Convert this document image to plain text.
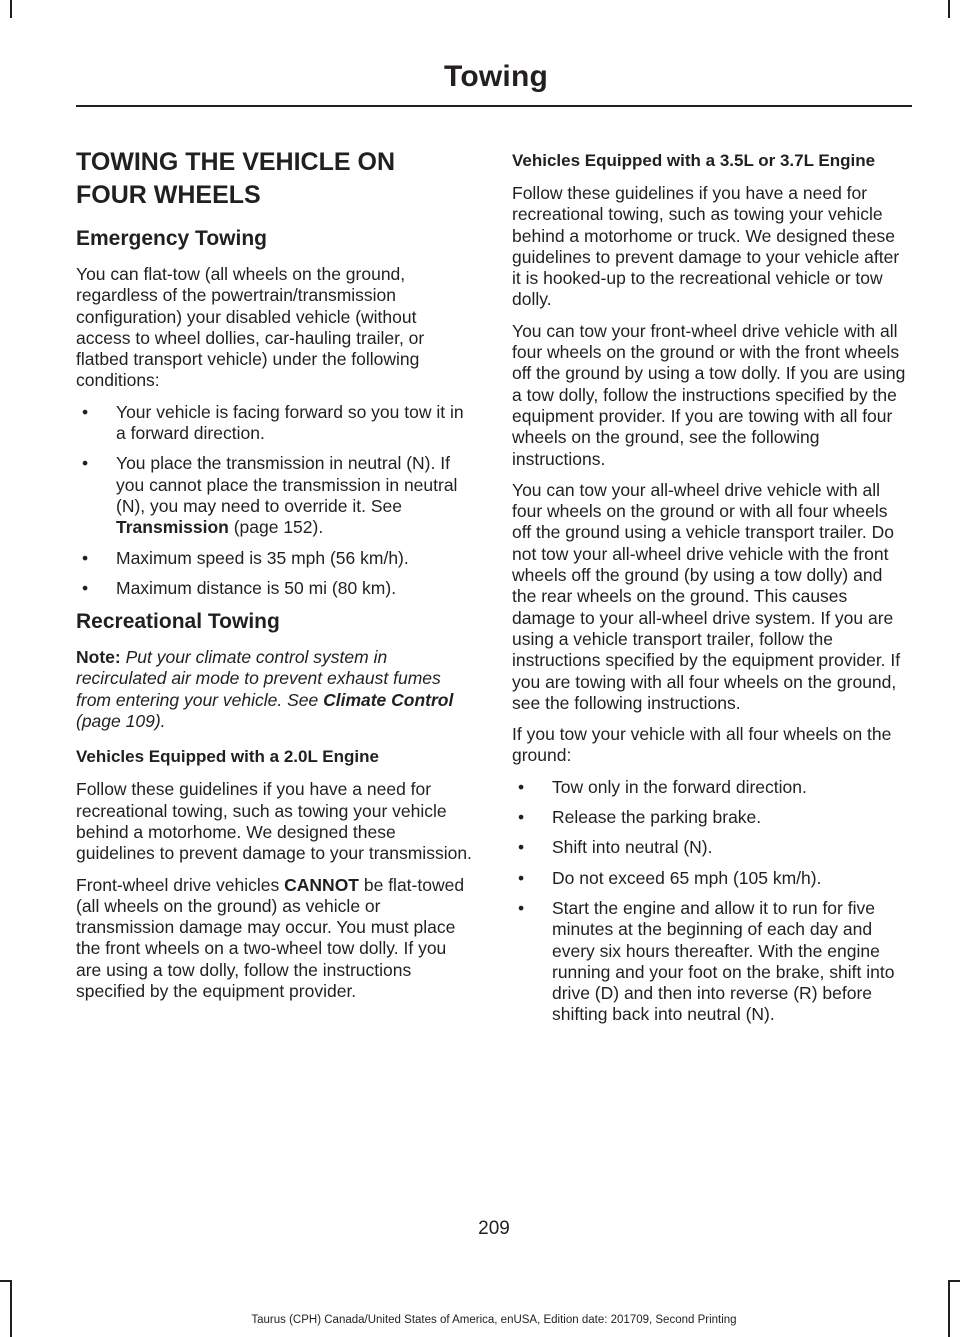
Towing
TOWING THE VEHICLE ON FOUR WHEELS
Emergency Towing

You can flat-tow (all wheels on the ground, regardless of the powertrain/transmission configuration) your disabled vehicle (without access to wheel dollies, car-hauling trailer, or flatbed transport vehicle) under the following conditions:

• Your vehicle is facing forward so you tow it in a forward direction.
• You place the transmission in neutral (N). If you cannot place the transmission in neutral (N), you may need to override it. See Transmission (page 152).
• Maximum speed is 35 mph (56 km/h).
• Maximum distance is 50 mi (80 km).
Recreational Towing

Note: Put your climate control system in recirculated air mode to prevent exhaust fumes from entering your vehicle. See Climate Control (page 109).

Vehicles Equipped with a 2.0L Engine

Follow these guidelines if you have a need for recreational towing, such as towing your vehicle behind a motorhome. We designed these guidelines to prevent damage to your transmission.

Front-wheel drive vehicles CANNOT be flat-towed (all wheels on the ground) as vehicle or transmission damage may occur. You must place the front wheels on a two-wheel tow dolly. If you are using a tow dolly, follow the instructions specified by the equipment provider.

Vehicles Equipped with a 3.5L or 3.7L Engine

Follow these guidelines if you have a need for recreational towing, such as towing your vehicle behind a motorhome or truck. We designed these guidelines to prevent damage to your vehicle after it is hooked-up to the recreational vehicle or tow dolly.

You can tow your front-wheel drive vehicle with all four wheels on the ground or with the front wheels off the ground by using a tow dolly. If you are using a tow dolly, follow the instructions specified by the equipment provider. If you are towing with all four wheels on the ground, see the following instructions.

You can tow your all-wheel drive vehicle with all four wheels on the ground or with all four wheels off the ground using a vehicle transport trailer. Do not tow your all-wheel drive vehicle with the front wheels off the ground (by using a tow dolly) and the rear wheels on the ground. This causes damage to your all-wheel drive system. If you are using a vehicle transport trailer, follow the instructions specified by the equipment provider. If you are towing with all four wheels on the ground, see the following instructions.

If you tow your vehicle with all four wheels on the ground:

• Tow only in the forward direction.
• Release the parking brake.
• Shift into neutral (N).
• Do not exceed 65 mph (105 km/h).
• Start the engine and allow it to run for five minutes at the beginning of each day and every six hours thereafter. With the engine running and your foot on the brake, shift into drive (D) and then into reverse (R) before shifting back into neutral (N).
209
Taurus (CPH) Canada/United States of America, enUSA, Edition date: 201709, Second Printing
